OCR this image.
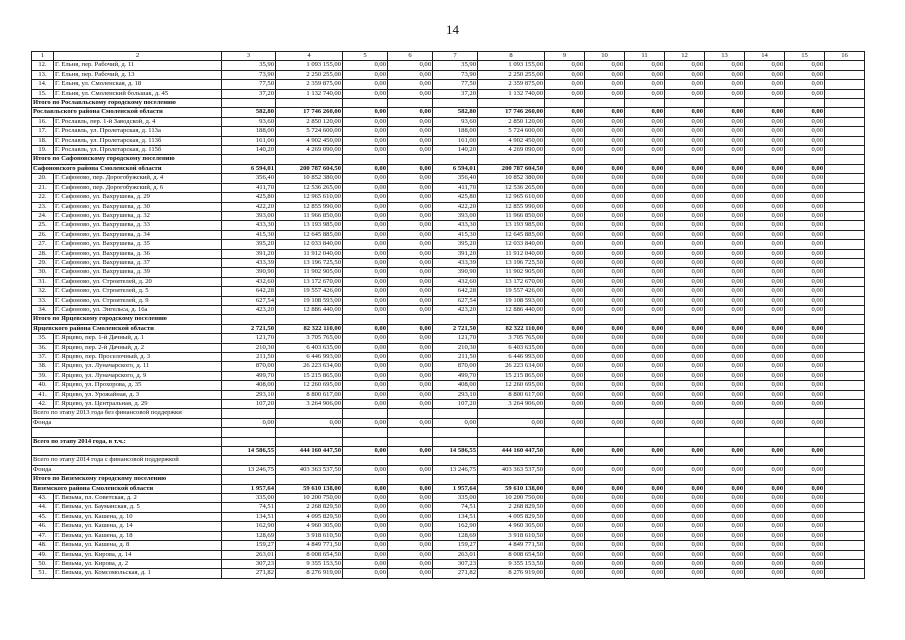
14
1	2	3	4	5	6	7	8	9	10	11	12	13	14	15	16
12.	Г. Ельня, пер. Рабочий, д. 11	35,90	1 093 155,00	0,00	0,00	35,90	1 093 155,00	0,00	0,00	0,00	0,00	0,00	0,00	0,00	
13.	Г. Ельня, пер. Рабочий, д. 13	73,90	2 250 255,00	0,00	0,00	73,90	2 250 255,00	0,00	0,00	0,00	0,00	0,00	0,00	0,00	
14.	Г. Ельня, ул. Смоленская, д. 18	77,50	2 359 875,00	0,00	0,00	77,50	2 359 875,00	0,00	0,00	0,00	0,00	0,00	0,00	0,00	
15.	Г. Ельня, ул. Смоленский большак, д. 45	37,20	1 132 740,00	0,00	0,00	37,20	1 132 740,00	0,00	0,00	0,00	0,00	0,00	0,00	0,00	
Итого по Рославльскому городскому поселению															
Рославльского района Смоленской области		582,80	17 746 260,00	0,00	0,00	582,80	17 746 260,00	0,00	0,00	0,00	0,00	0,00	0,00	0,00	
16.	Г. Рославль, пер. 1-й Заводской, д. 4	93,60	2 850 120,00	0,00	0,00	93,60	2 850 120,00	0,00	0,00	0,00	0,00	0,00	0,00	0,00	
17.	Г. Рославль, ул. Пролетарская, д. 113а	188,00	5 724 600,00	0,00	0,00	188,00	5 724 600,00	0,00	0,00	0,00	0,00	0,00	0,00	0,00	
18.	Г. Рославль, ул. Пролетарская, д. 113б	161,00	4 902 450,00	0,00	0,00	161,00	4 902 450,00	0,00	0,00	0,00	0,00	0,00	0,00	0,00	
19.	Г. Рославль, ул. Пролетарская, д. 115б	140,20	4 269 090,00	0,00	0,00	140,20	4 269 090,00	0,00	0,00	0,00	0,00	0,00	0,00	0,00	
Итого по Сафоновскому городскому поселению															
Сафоновского района Смоленской области		6 594,01	200 787 604,50	0,00	0,00	6 594,01	200 787 604,50	0,00	0,00	0,00	0,00	0,00	0,00	0,00	
20.	Г. Сафоново, пер. Дорогобужский, д. 4	356,40	10 852 380,00	0,00	0,00	356,40	10 852 380,00	0,00	0,00	0,00	0,00	0,00	0,00	0,00	
21.	Г. Сафоново, пер. Дорогобужский, д. 6	411,70	12 536 265,00	0,00	0,00	411,70	12 536 265,00	0,00	0,00	0,00	0,00	0,00	0,00	0,00	
22.	Г. Сафоново, ул. Вахрушева, д. 29	425,80	12 965 610,00	0,00	0,00	425,80	12 965 610,00	0,00	0,00	0,00	0,00	0,00	0,00	0,00	
23.	Г. Сафоново, ул. Вахрушева, д. 30	422,20	12 855 990,00	0,00	0,00	422,20	12 855 990,00	0,00	0,00	0,00	0,00	0,00	0,00	0,00	
24.	Г. Сафоново, ул. Вахрушева, д. 32	393,00	11 966 850,00	0,00	0,00	393,00	11 966 850,00	0,00	0,00	0,00	0,00	0,00	0,00	0,00	
25.	Г. Сафоново, ул. Вахрушева, д. 33	433,30	13 193 985,00	0,00	0,00	433,30	13 193 985,00	0,00	0,00	0,00	0,00	0,00	0,00	0,00	
26.	Г. Сафоново, ул. Вахрушева, д. 34	415,30	12 645 885,00	0,00	0,00	415,30	12 645 885,00	0,00	0,00	0,00	0,00	0,00	0,00	0,00	
27.	Г. Сафоново, ул. Вахрушева, д. 35	395,20	12 033 840,00	0,00	0,00	395,20	12 033 840,00	0,00	0,00	0,00	0,00	0,00	0,00	0,00	
28.	Г. Сафоново, ул. Вахрушева, д. 36	391,20	11 912 040,00	0,00	0,00	391,20	11 912 040,00	0,00	0,00	0,00	0,00	0,00	0,00	0,00	
29.	Г. Сафоново, ул. Вахрушева, д. 37	433,39	13 196 725,50	0,00	0,00	433,39	13 196 725,50	0,00	0,00	0,00	0,00	0,00	0,00	0,00	
30.	Г. Сафоново, ул. Вахрушева, д. 39	390,90	11 902 905,00	0,00	0,00	390,90	11 902 905,00	0,00	0,00	0,00	0,00	0,00	0,00	0,00	
31.	Г. Сафоново, ул. Строителей, д. 20	432,60	13 172 670,00	0,00	0,00	432,60	13 172 670,00	0,00	0,00	0,00	0,00	0,00	0,00	0,00	
32.	Г. Сафоново, ул. Строителей, д. 5	642,28	19 557 426,00	0,00	0,00	642,28	19 557 426,00	0,00	0,00	0,00	0,00	0,00	0,00	0,00	
33.	Г. Сафоново, ул. Строителей, д. 9	627,54	19 108 593,00	0,00	0,00	627,54	19 108 593,00	0,00	0,00	0,00	0,00	0,00	0,00	0,00	
34.	Г. Сафоново, ул. Энгельса, д. 16а	423,20	12 886 440,00	0,00	0,00	423,20	12 886 440,00	0,00	0,00	0,00	0,00	0,00	0,00	0,00	
Итого по Ярцевскому городскому поселению															
Ярцевского района Смоленской области		2 721,50	82 322 110,00	0,00	0,00	2 721,50	82 322 110,00	0,00	0,00	0,00	0,00	0,00	0,00	0,00	
35.	Г. Ярцево, пер. 1-й Дачный, д. 1	121,70	3 705 765,00	0,00	0,00	121,70	3 705 765,00	0,00	0,00	0,00	0,00	0,00	0,00	0,00	
36.	Г. Ярцево, пер. 2-й Дачный, д. 2	210,30	6 403 635,00	0,00	0,00	210,30	6 403 635,00	0,00	0,00	0,00	0,00	0,00	0,00	0,00	
37.	Г. Ярцево, пер. Проселочный, д. 3	211,50	6 446 993,00	0,00	0,00	211,50	6 446 993,00	0,00	0,00	0,00	0,00	0,00	0,00	0,00	
38.	Г. Ярцево, ул. Луначарского, д. 11	870,00	26 223 634,00	0,00	0,00	870,00	26 223 634,00	0,00	0,00	0,00	0,00	0,00	0,00	0,00	
39.	Г. Ярцево, ул. Луначарского, д. 9	499,70	15 215 865,00	0,00	0,00	499,70	15 215 865,00	0,00	0,00	0,00	0,00	0,00	0,00	0,00	
40.	Г. Ярцево, ул. Прохорова, д. 35	408,00	12 260 695,00	0,00	0,00	408,00	12 260 695,00	0,00	0,00	0,00	0,00	0,00	0,00	0,00	
41.	Г. Ярцево, ул. Урожайная, д. 3	293,10	8 800 617,00	0,00	0,00	293,10	8 800 617,00	0,00	0,00	0,00	0,00	0,00	0,00	0,00	
42.	Г. Ярцево, ул. Центральная, д. 29	107,20	3 264 906,00	0,00	0,00	107,20	3 264 906,00	0,00	0,00	0,00	0,00	0,00	0,00	0,00	
Всего по этапу 2013 года без финансовой поддержки															
Фонда		0,00	0,00	0,00	0,00	0,00	0,00	0,00	0,00	0,00	0,00	0,00	0,00	0,00	

Всего по этапу 2014 года, в т.ч.:															
		14 586,55	444 160 447,50	0,00	0,00	14 586,55	444 160 447,50	0,00	0,00	0,00	0,00	0,00	0,00	0,00	
Всего по этапу 2014 года с финансовой поддержкой															
Фонда		13 246,75	403 363 537,50	0,00	0,00	13 246,75	403 363 537,50	0,00	0,00	0,00	0,00	0,00	0,00	0,00	
Итого по Вяземскому городскому поселению															
Вяземского района Смоленской области		1 957,64	59 610 138,00	0,00	0,00	1 957,64	59 610 138,00	0,00	0,00	0,00	0,00	0,00	0,00	0,00	
43.	Г. Вязьма, пл. Советская, д. 2	335,00	10 200 750,00	0,00	0,00	335,00	10 200 750,00	0,00	0,00	0,00	0,00	0,00	0,00	0,00	
44.	Г. Вязьма, ул. Бауманская, д. 5	74,51	2 268 829,50	0,00	0,00	74,51	2 268 829,50	0,00	0,00	0,00	0,00	0,00	0,00	0,00	
45.	Г. Вязьма, ул. Кашена, д. 10	134,51	4 095 829,50	0,00	0,00	134,51	4 095 829,50	0,00	0,00	0,00	0,00	0,00	0,00	0,00	
46.	Г. Вязьма, ул. Кашена, д. 14	162,90	4 960 305,00	0,00	0,00	162,90	4 960 305,00	0,00	0,00	0,00	0,00	0,00	0,00	0,00	
47.	Г. Вязьма, ул. Кашена, д. 18	128,69	3 918 610,50	0,00	0,00	128,69	3 918 610,50	0,00	0,00	0,00	0,00	0,00	0,00	0,00	
48.	Г. Вязьма, ул. Кашена, д. 8	159,27	4 849 771,50	0,00	0,00	159,27	4 849 771,50	0,00	0,00	0,00	0,00	0,00	0,00	0,00	
49.	Г. Вязьма, ул. Кирова, д. 14	263,01	8 008 654,50	0,00	0,00	263,01	8 008 654,50	0,00	0,00	0,00	0,00	0,00	0,00	0,00	
50.	Г. Вязьма, ул. Кирова, д. 2	307,23	9 355 153,50	0,00	0,00	307,23	9 355 153,50	0,00	0,00	0,00	0,00	0,00	0,00	0,00	
51.	Г. Вязьма, ул. Комсомольская, д. 1	271,82	8 276 919,00	0,00	0,00	271,82	8 276 919,00	0,00	0,00	0,00	0,00	0,00	0,00	0,00	
